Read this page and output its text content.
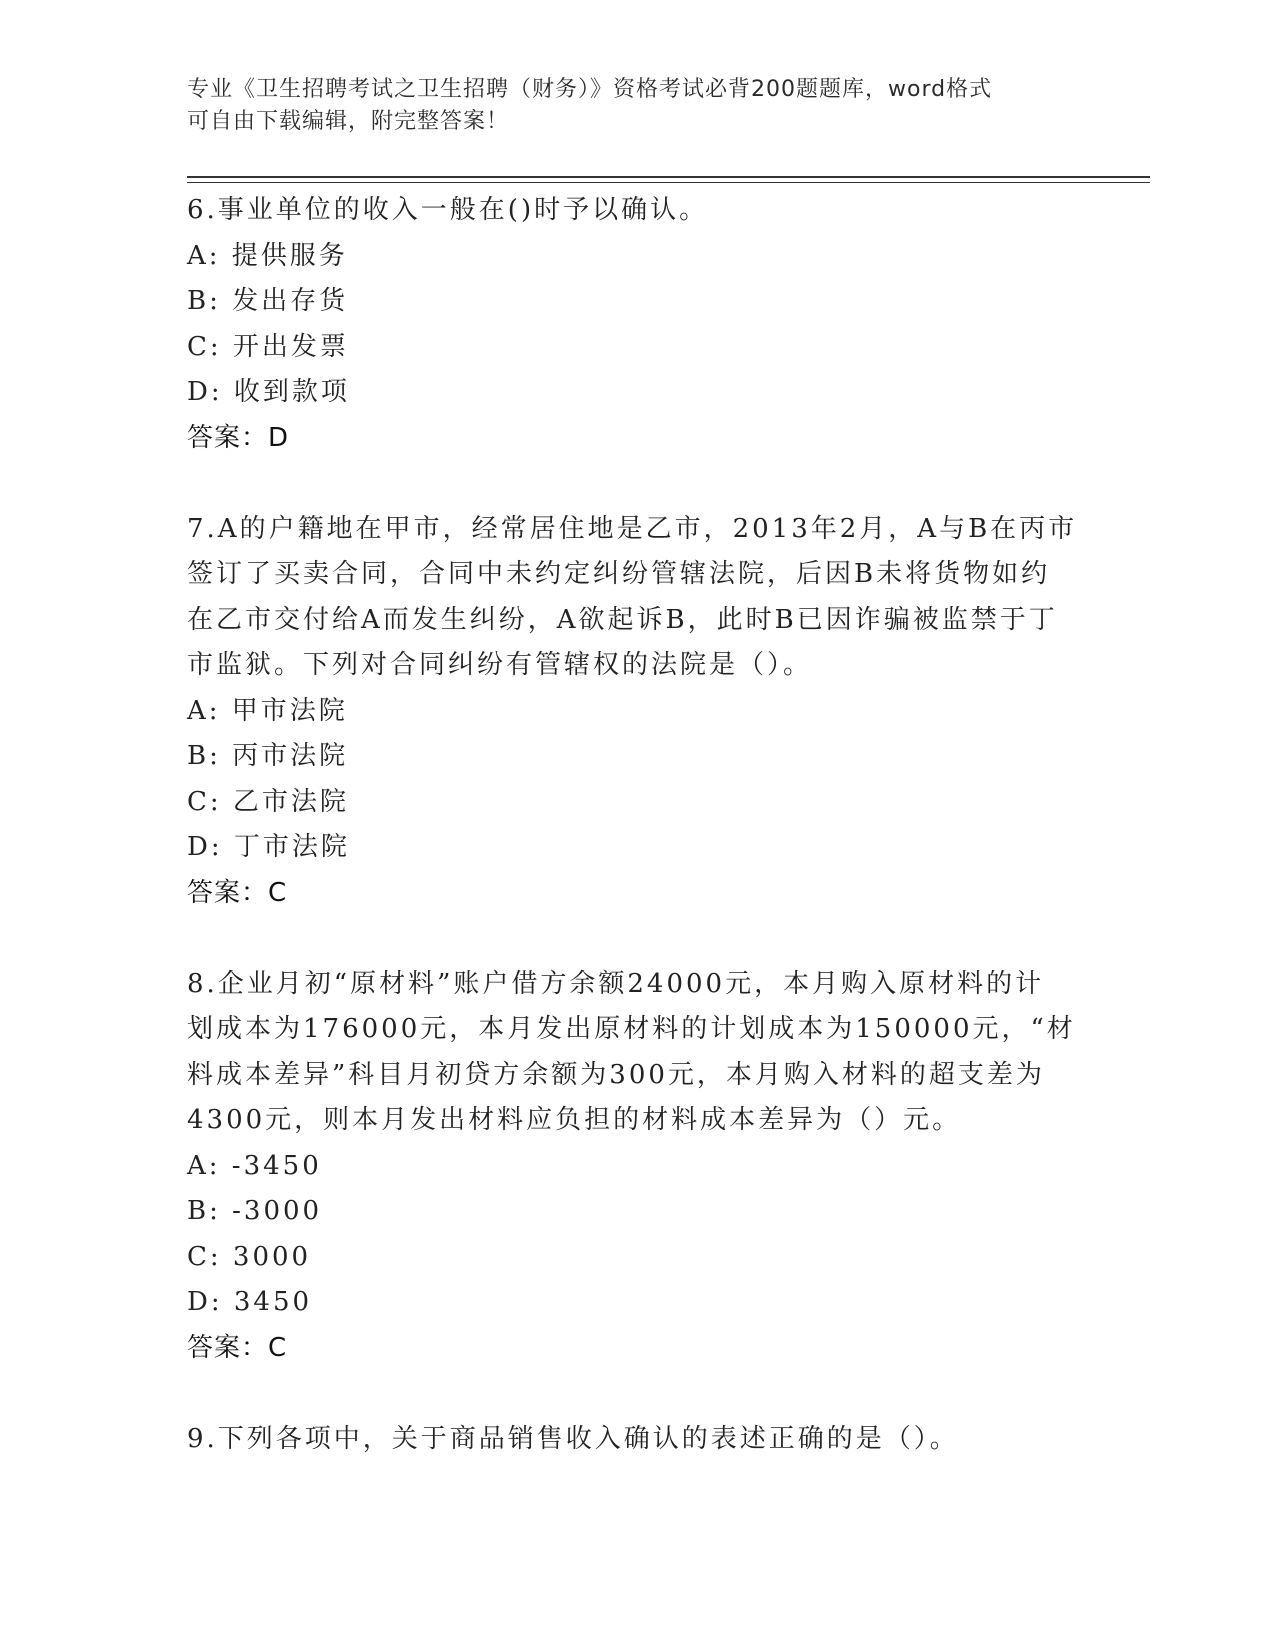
专业《卫生招聘考试之卫生招聘（财务）》资格考试必背200题题库，word格式
可自由下载编辑，附完整答案！
6.事业单位的收入一般在()时予以确认。
A: 提供服务
B: 发出存货
C: 开出发票
D: 收到款项
答案：D
7.A的户籍地在甲市，经常居住地是乙市，2013年2月，A与B在丙市
签订了买卖合同，合同中未约定纠纷管辖法院，后因B未将货物如约
在乙市交付给A而发生纠纷，A欲起诉B，此时B已因诈骗被监禁于丁
市监狱。下列对合同纠纷有管辖权的法院是（）。
A: 甲市法院
B: 丙市法院
C: 乙市法院
D: 丁市法院
答案：C
8.企业月初“原材料”账户借方余额24000元，本月购入原材料的计
划成本为176000元，本月发出原材料的计划成本为150000元，“材
料成本差异”科目月初贷方余额为300元，本月购入材料的超支差为
4300元，则本月发出材料应负担的材料成本差异为（）元。
A: -3450
B: -3000
C: 3000
D: 3450
答案：C
9.下列各项中，关于商品销售收入确认的表述正确的是（）。
